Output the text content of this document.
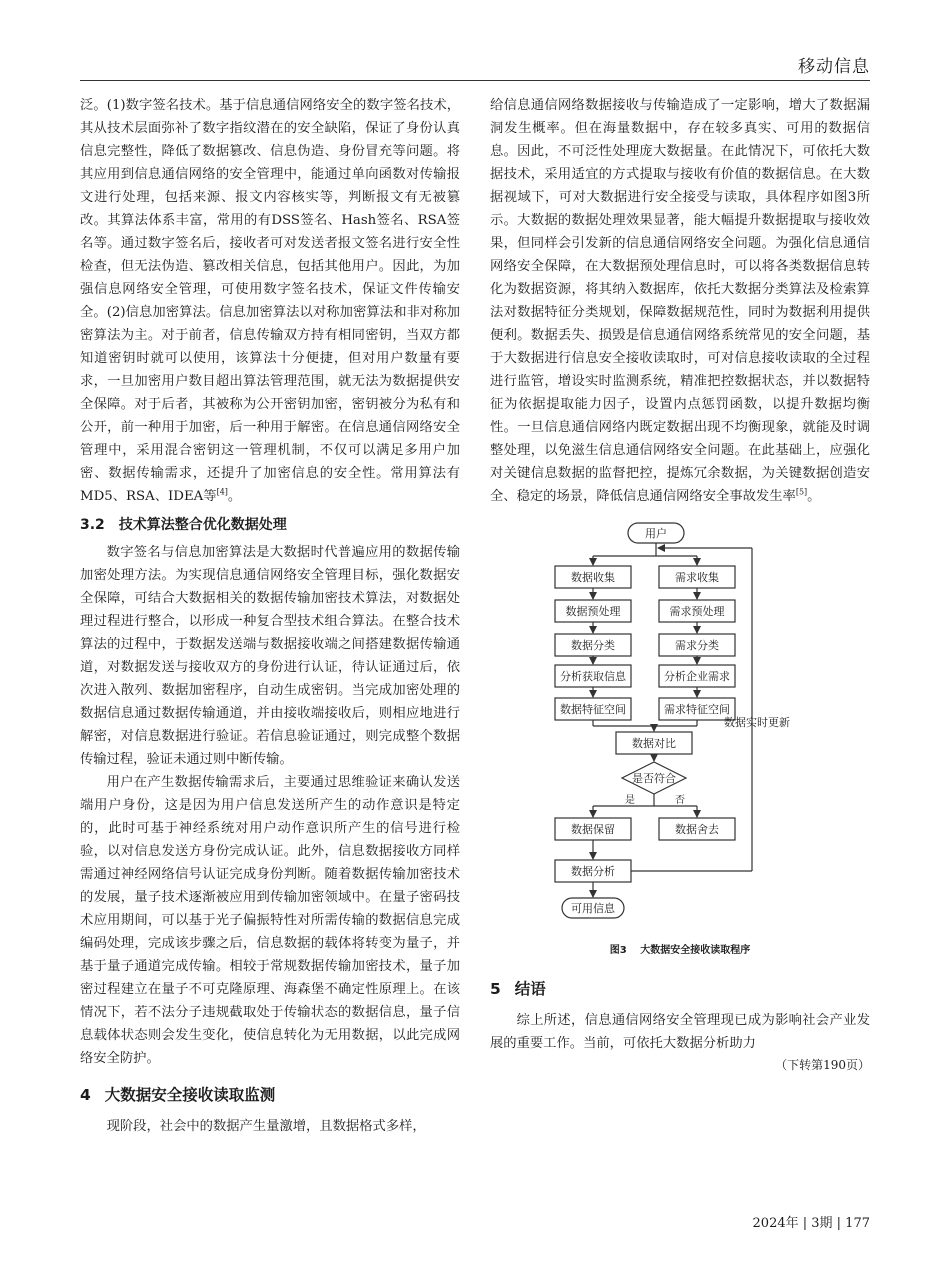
移动信息

泛。(1)数字签名技术。基于信息通信网络安全的数字签名技术，其从技术层面弥补了数字指纹潜在的安全缺陷，保证了身份认真信息完整性，降低了数据篡改、信息伪造、身份冒充等问题。将其应用到信息通信网络的安全管理中，能通过单向函数对传输报文进行处理，包括来源、报文内容核实等，判断报文有无被篡改。其算法体系丰富，常用的有DSS签名、Hash签名、RSA签名等。通过数字签名后，接收者可对发送者报文签名进行安全性检查，但无法伪造、篡改相关信息，包括其他用户。因此，为加强信息网络安全管理，可使用数字签名技术，保证文件传输安全。(2)信息加密算法。信息加密算法以对称加密算法和非对称加密算法为主。对于前者，信息传输双方持有相同密钥，当双方都知道密钥时就可以使用，该算法十分便捷，但对用户数量有要求，一旦加密用户数目超出算法管理范围，就无法为数据提供安全保障。对于后者，其被称为公开密钥加密，密钥被分为私有和公开，前一种用于加密，后一种用于解密。在信息通信网络安全管理中，采用混合密钥这一管理机制，不仅可以满足多用户加密、数据传输需求，还提升了加密信息的安全性。常用算法有MD5、RSA、IDEA等[4]。

3.2 技术算法整合优化数据处理

数字签名与信息加密算法是大数据时代普遍应用的数据传输加密处理方法。为实现信息通信网络安全管理目标，强化数据安全保障，可结合大数据相关的数据传输加密技术算法，对数据处理过程进行整合，以形成一种复合型技术组合算法。在整合技术算法的过程中，于数据发送端与数据接收端之间搭建数据传输通道，对数据发送与接收双方的身份进行认证，待认证通过后，依次进入散列、数据加密程序，自动生成密钥。当完成加密处理的数据信息通过数据传输通道，并由接收端接收后，则相应地进行解密，对信息数据进行验证。若信息验证通过，则完成整个数据传输过程，验证未通过则中断传输。

用户在产生数据传输需求后，主要通过思维验证来确认发送端用户身份，这是因为用户信息发送所产生的动作意识是特定的，此时可基于神经系统对用户动作意识所产生的信号进行检验，以对信息发送方身份完成认证。此外，信息数据接收方同样需通过神经网络信号认证完成身份判断。随着数据传输加密技术的发展，量子技术逐渐被应用到传输加密领域中。在量子密码技术应用期间，可以基于光子偏振特性对所需传输的数据信息完成编码处理，完成该步骤之后，信息数据的载体将转变为量子，并基于量子通道完成传输。相较于常规数据传输加密技术，量子加密过程建立在量子不可克隆原理、海森堡不确定性原理上。在该情况下，若不法分子违规截取处于传输状态的数据信息，量子信息载体状态则会发生变化，使信息转化为无用数据，以此完成网络安全防护。

4 大数据安全接收读取监测

现阶段，社会中的数据产生量激增，且数据格式多样，

给信息通信网络数据接收与传输造成了一定影响，增大了数据漏洞发生概率。但在海量数据中，存在较多真实、可用的数据信息。因此，不可泛性处理庞大数据量。在此情况下，可依托大数据技术，采用适宜的方式提取与接收有价值的数据信息。在大数据视域下，可对大数据进行安全接受与读取，具体程序如图3所示。大数据的数据处理效果显著，能大幅提升数据提取与接收效果，但同样会引发新的信息通信网络安全问题。为强化信息通信网络安全保障，在大数据预处理信息时，可以将各类数据信息转化为数据资源，将其纳入数据库，依托大数据分类算法及检索算法对数据特征分类规划，保障数据规范性，同时为数据利用提供便利。数据丢失、损毁是信息通信网络系统常见的安全问题，基于大数据进行信息安全接收读取时，可对信息接收读取的全过程进行监管，增设实时监测系统，精准把控数据状态，并以数据特征为依据提取能力因子，设置内点惩罚函数，以提升数据均衡性。一旦信息通信网络内既定数据出现不均衡现象，就能及时调整处理，以免滋生信息通信网络安全问题。在此基础上，应强化对关键信息数据的监督把控，提炼冗余数据，为关键数据创造安全、稳定的场景，降低信息通信网络安全事故发生率[5]。

用户
数据收集
数据预处理
数据分类
分析获取信息
数据特征空间
需求收集
需求预处理
需求分类
分析企业需求
需求特征空间
数据对比
是否符合
是	否
数据保留	数据舍去
数据分析
可用信息
数据实时更新
图3 大数据安全接收读取程序
5 结语

综上所述，信息通信网络安全管理现已成为影响社会产业发展的重要工作。当前，可依托大数据分析助力

（下转第190页）
2024年 | 3期 | 177
